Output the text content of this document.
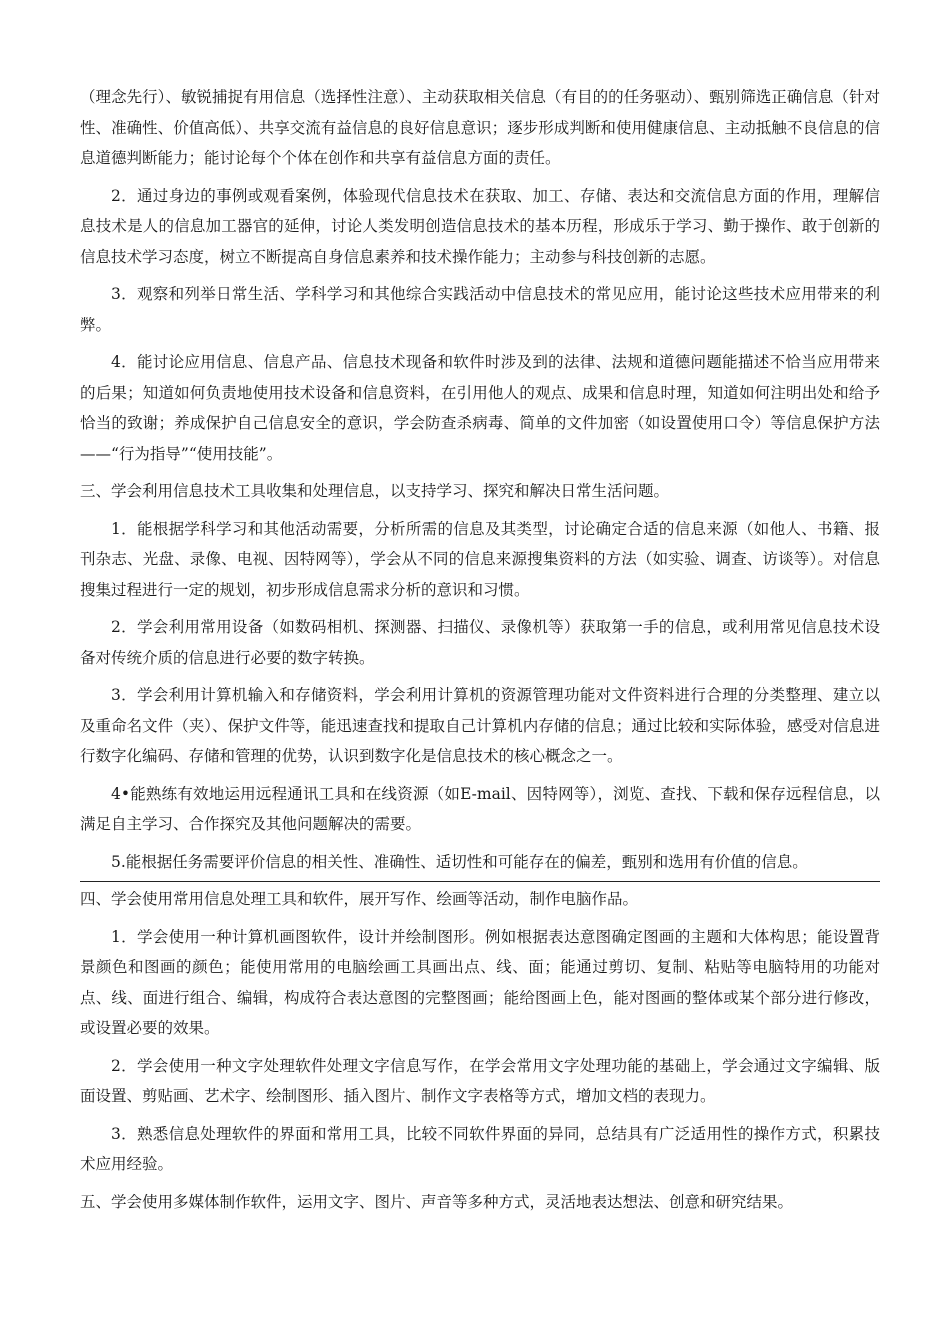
（理念先行）、敏锐捕捉有用信息（选择性注意）、主动获取相关信息（有目的的任务驱动）、甄别筛选正确信息（针对性、准确性、价值高低）、共享交流有益信息的良好信息意识；逐步形成判断和使用健康信息、主动抵触不良信息的信息道德判断能力；能讨论每个个体在创作和共享有益信息方面的责任。

2．通过身边的事例或观看案例，体验现代信息技术在获取、加工、存储、表达和交流信息方面的作用，理解信息技术是人的信息加工器官的延伸，讨论人类发明创造信息技术的基本历程，形成乐于学习、勤于操作、敢于创新的信息技术学习态度，树立不断提高自身信息素养和技术操作能力；主动参与科技创新的志愿。

3．观察和列举日常生活、学科学习和其他综合实践活动中信息技术的常见应用，能讨论这些技术应用带来的利弊。

4．能讨论应用信息、信息产品、信息技术现备和软件时涉及到的法律、法规和道德问题能描述不恰当应用带来的后果；知道如何负责地使用技术设备和信息资料，在引用他人的观点、成果和信息时理，知道如何注明出处和给予恰当的致谢；养成保护自己信息安全的意识，学会防查杀病毒、简单的文件加密（如设置使用口令）等信息保护方法——“行为指导”“使用技能”。

三、学会利用信息技术工具收集和处理信息，以支持学习、探究和解决日常生活问题。

1．能根据学科学习和其他活动需要，分析所需的信息及其类型，讨论确定合适的信息来源（如他人、书籍、报刊杂志、光盘、录像、电视、因特网等），学会从不同的信息来源搜集资料的方法（如实验、调查、访谈等）。对信息搜集过程进行一定的规划，初步形成信息需求分析的意识和习惯。

2．学会利用常用设备（如数码相机、探测器、扫描仪、录像机等）获取第一手的信息，或利用常见信息技术设备对传统介质的信息进行必要的数字转换。

3．学会利用计算机输入和存储资料，学会利用计算机的资源管理功能对文件资料进行合理的分类整理、建立以及重命名文件（夹）、保护文件等，能迅速查找和提取自己计算机内存储的信息；通过比较和实际体验，感受对信息进行数字化编码、存储和管理的优势，认识到数字化是信息技术的核心概念之一。

4•能熟练有效地运用远程通讯工具和在线资源（如E-mail、因特网等），浏览、查找、下载和保存远程信息，以满足自主学习、合作探究及其他问题解决的需要。

5.能根据任务需要评价信息的相关性、准确性、适切性和可能存在的偏差，甄别和选用有价值的信息。

四、学会使用常用信息处理工具和软件，展开写作、绘画等活动，制作电脑作品。

1．学会使用一种计算机画图软件，设计并绘制图形。例如根据表达意图确定图画的主题和大体构思；能设置背景颜色和图画的颜色；能使用常用的电脑绘画工具画出点、线、面；能通过剪切、复制、粘贴等电脑特用的功能对点、线、面进行组合、编辑，构成符合表达意图的完整图画；能给图画上色，能对图画的整体或某个部分进行修改，或设置必要的效果。

2．学会使用一种文字处理软件处理文字信息写作，在学会常用文字处理功能的基础上，学会通过文字编辑、版面设置、剪贴画、艺术字、绘制图形、插入图片、制作文字表格等方式，增加文档的表现力。

3．熟悉信息处理软件的界面和常用工具，比较不同软件界面的异同，总结具有广泛适用性的操作方式，积累技术应用经验。

五、学会使用多媒体制作软件，运用文字、图片、声音等多种方式，灵活地表达想法、创意和研究结果。
